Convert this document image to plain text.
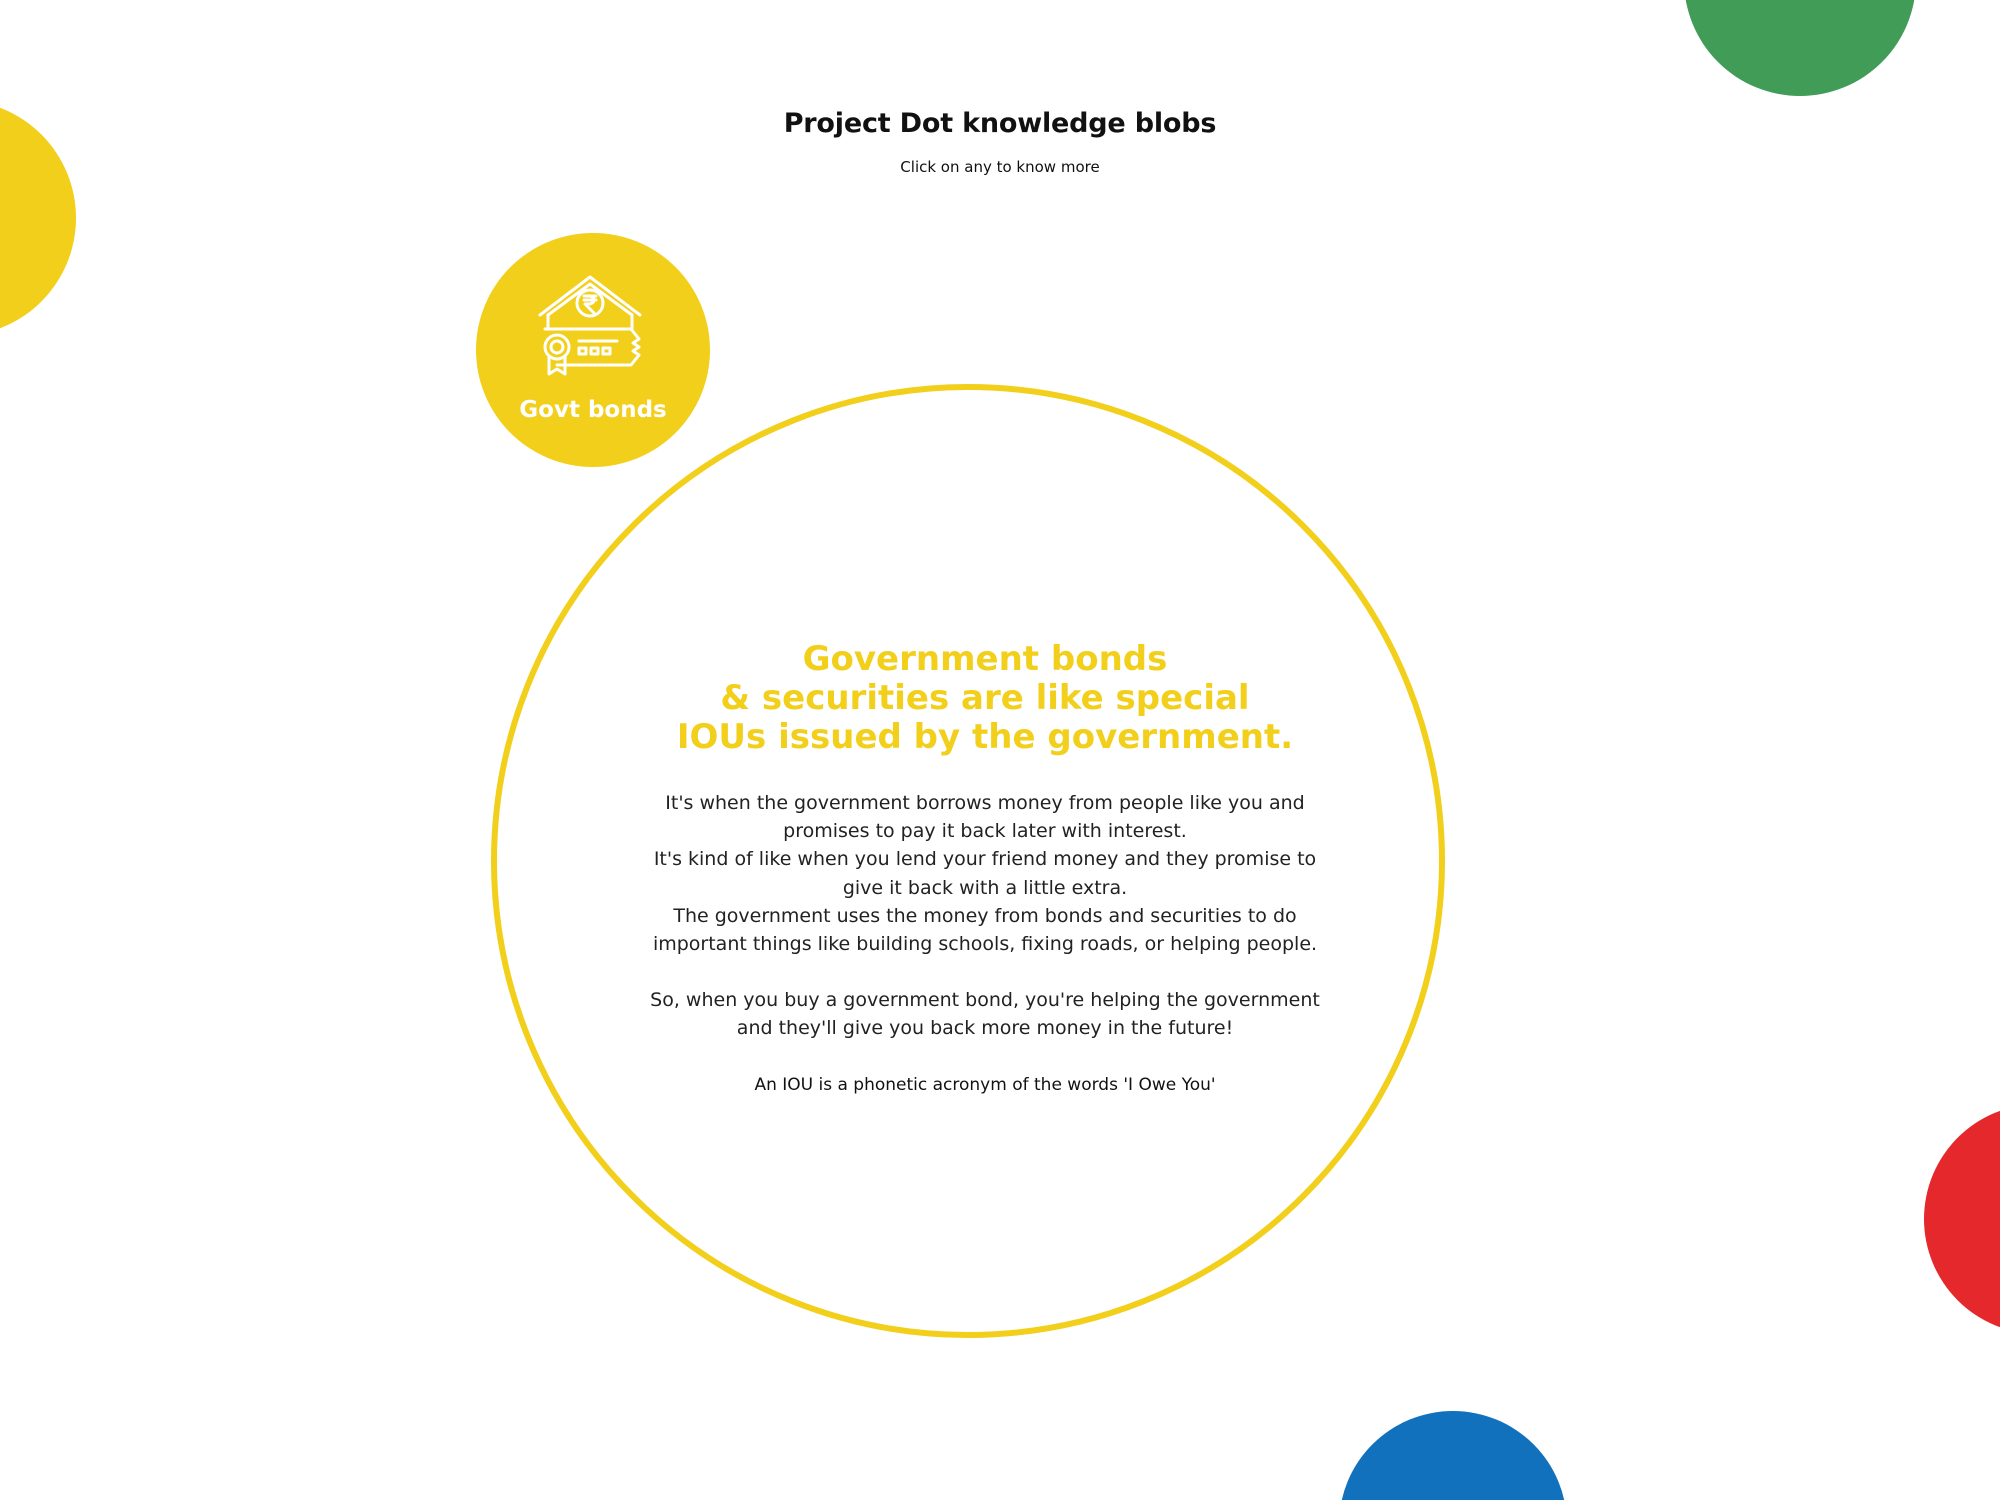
Project Dot knowledge blobs
Click on any to know more
Govt bonds
Government bonds
& securities are like special
IOUs issued by the government.
It's when the government borrows money from people like you and
promises to pay it back later with interest.
It's kind of like when you lend your friend money and they promise to
give it back with a little extra.
The government uses the money from bonds and securities to do
important things like building schools, fixing roads, or helping people.
So, when you buy a government bond, you're helping the government
and they'll give you back more money in the future!
An IOU is a phonetic acronym of the words 'I Owe You'
